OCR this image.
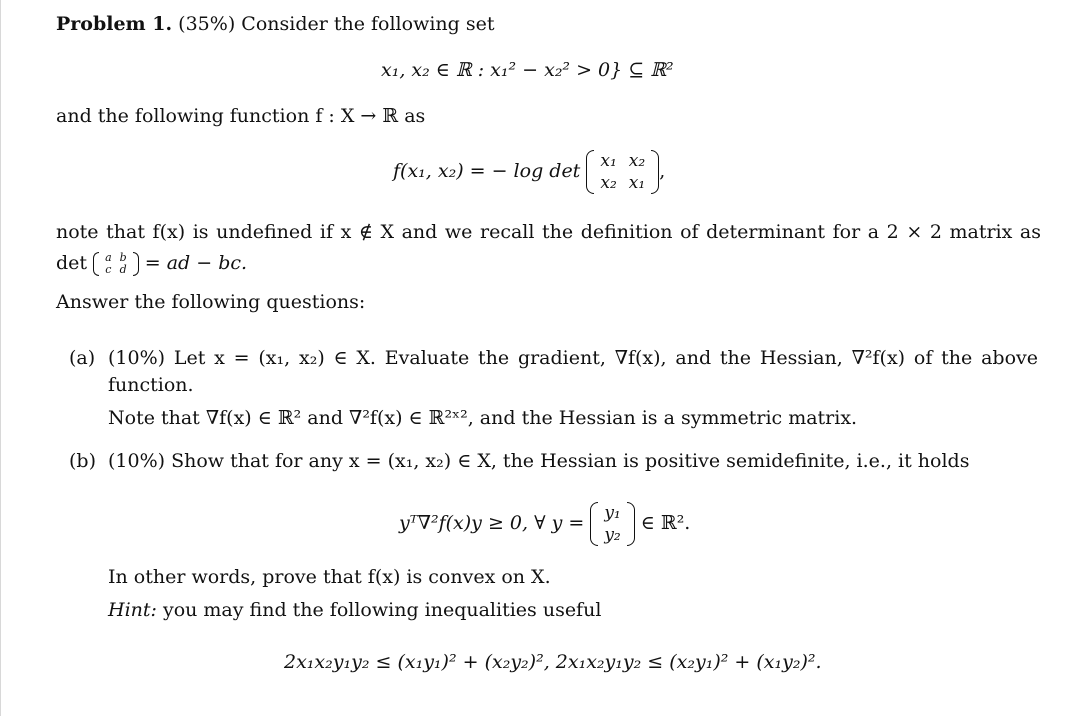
Problem 1. (35%) Consider the following set
x₁, x₂ ∈ ℝ : x₁² − x₂² > 0} ⊆ ℝ²
and the following function f : X → ℝ as
f(x₁, x₂) = − log det x₁	x₂
x₂	x₁
,
note that f(x) is undefined if x ∉ X and we recall the definition of determinant for a 2 × 2 matrix as
det a	b
c	d = ad − bc.
Answer the following questions:
(a) (10%) Let x = (x₁, x₂) ∈ X. Evaluate the gradient, ∇f(x), and the Hessian, ∇²f(x) of the above
function.
Note that ∇f(x) ∈ ℝ² and ∇²f(x) ∈ ℝ²ˣ², and the Hessian is a symmetric matrix.
(b) (10%) Show that for any x = (x₁, x₂) ∈ X, the Hessian is positive semidefinite, i.e., it holds
yᵀ∇²f(x)y ≥ 0, ∀ y = y₁
y₂
∈ ℝ².
In other words, prove that f(x) is convex on X.
Hint: you may find the following inequalities useful
2x₁x₂y₁y₂ ≤ (x₁y₁)² + (x₂y₂)², 2x₁x₂y₁y₂ ≤ (x₂y₁)² + (x₁y₂)².
